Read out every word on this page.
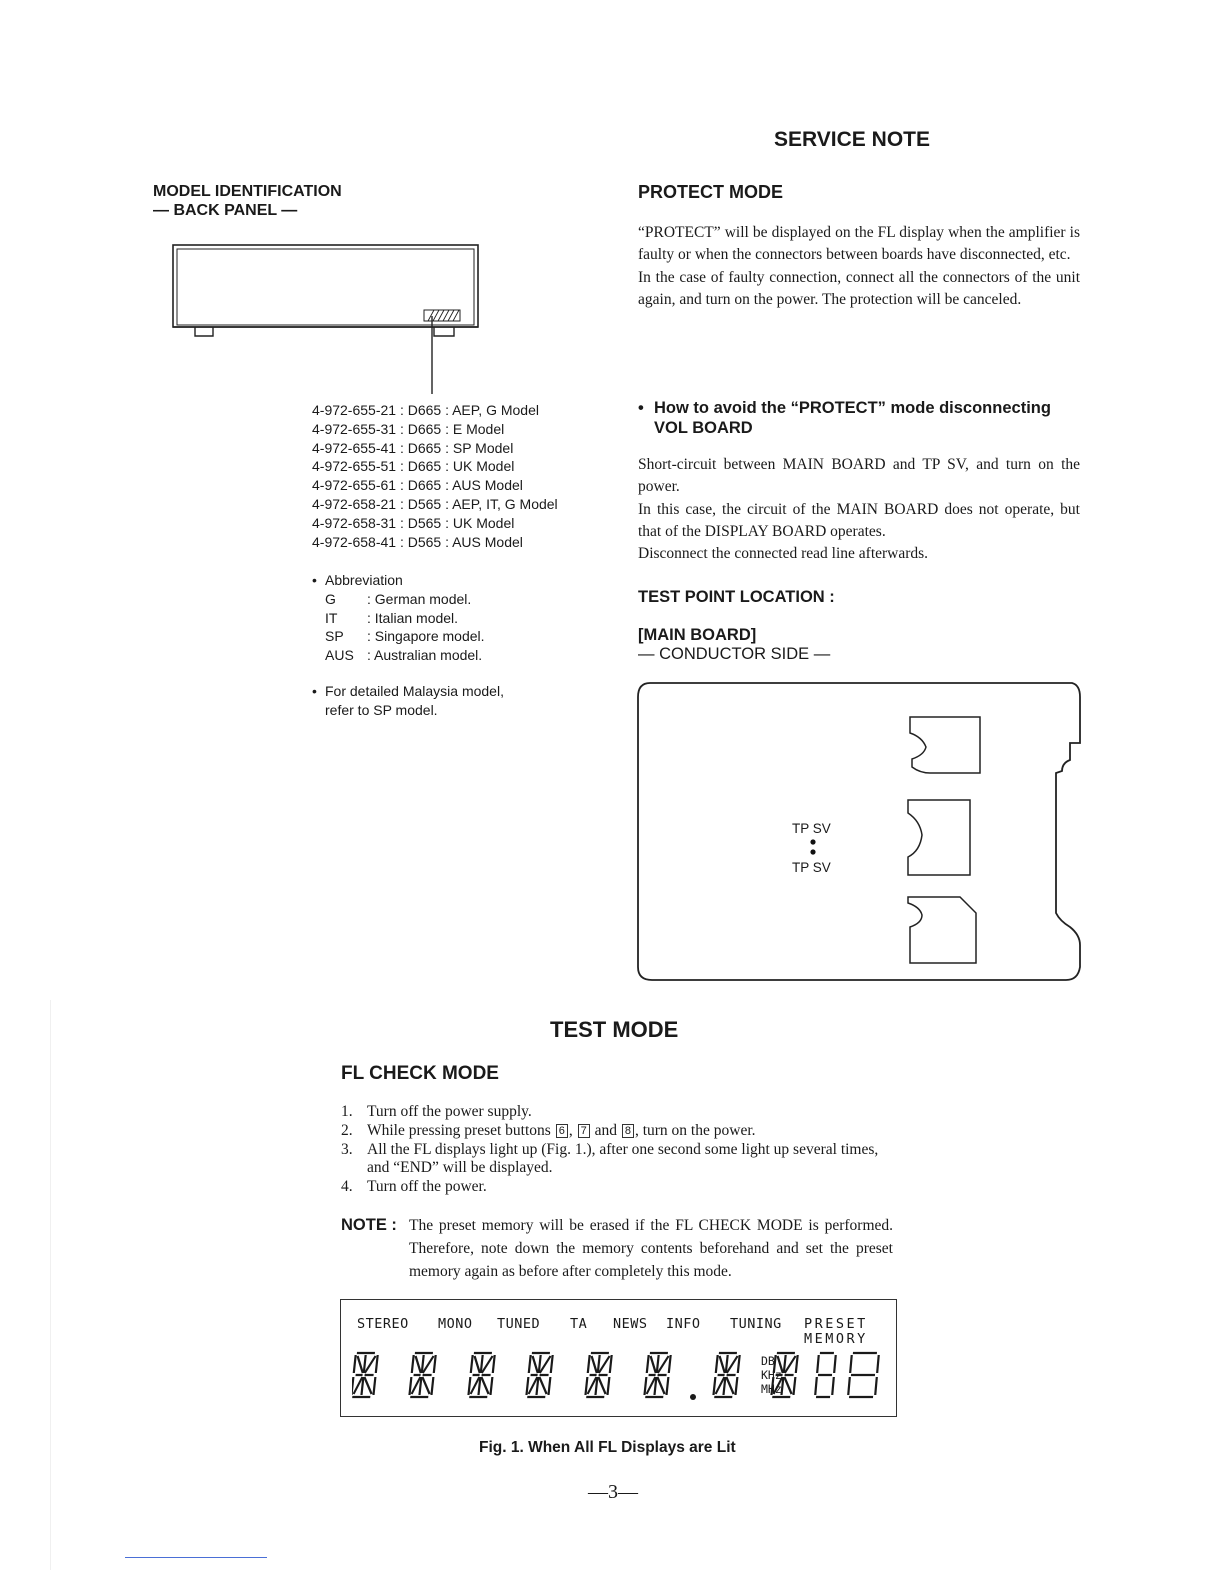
SERVICE NOTE
MODEL IDENTIFICATION
— BACK PANEL —
4-972-655-21 : D665 : AEP, G Model
4-972-655-31 : D665 : E Model
4-972-655-41 : D665 : SP Model
4-972-655-51 : D665 : UK Model
4-972-655-61 : D665 : AUS Model
4-972-658-21 : D565 : AEP, IT, G Model
4-972-658-31 : D565 : UK Model
4-972-658-41 : D565 : AUS Model
• Abbreviation
G	: German model.
IT	: Italian model.
SP	: Singapore model.
AUS : Australian model.
• For detailed Malaysia model,
refer to SP model.
PROTECT MODE

“PROTECT” will be displayed on the FL display when the amplifier is faulty or when the connectors between boards have disconnected, etc.

In the case of faulty connection, connect all the connectors of the unit again, and turn on the power. The protection will be canceled.

• How to avoid the “PROTECT” mode disconnecting
VOL BOARD

Short-circuit between MAIN BOARD and TP SV, and turn on the power.

In this case, the circuit of the MAIN BOARD does not operate, but that of the DISPLAY BOARD operates.

Disconnect the connected read line afterwards.

TEST POINT LOCATION :
[MAIN BOARD]
— CONDUCTOR SIDE —
TP SV
TP SV
TEST MODE
FL CHECK MODE
1. Turn off the power supply.
2. While pressing preset buttons 6 , 7 and 8 , turn on the power.
3. All the FL displays light up (Fig. 1.), after one second some light up several times, and “END” will be displayed.
4. Turn off the power.
NOTE : The preset memory will be erased if the FL CHECK MODE is performed. Therefore, note down the memory contents beforehand and set the preset memory again as before after completely this mode.
STEREO MONO TUNED TA NEWS INFO TUNING PRESET
MEMORY
DB
KHz
MHz
Fig. 1. When All FL Displays are Lit
—3—
